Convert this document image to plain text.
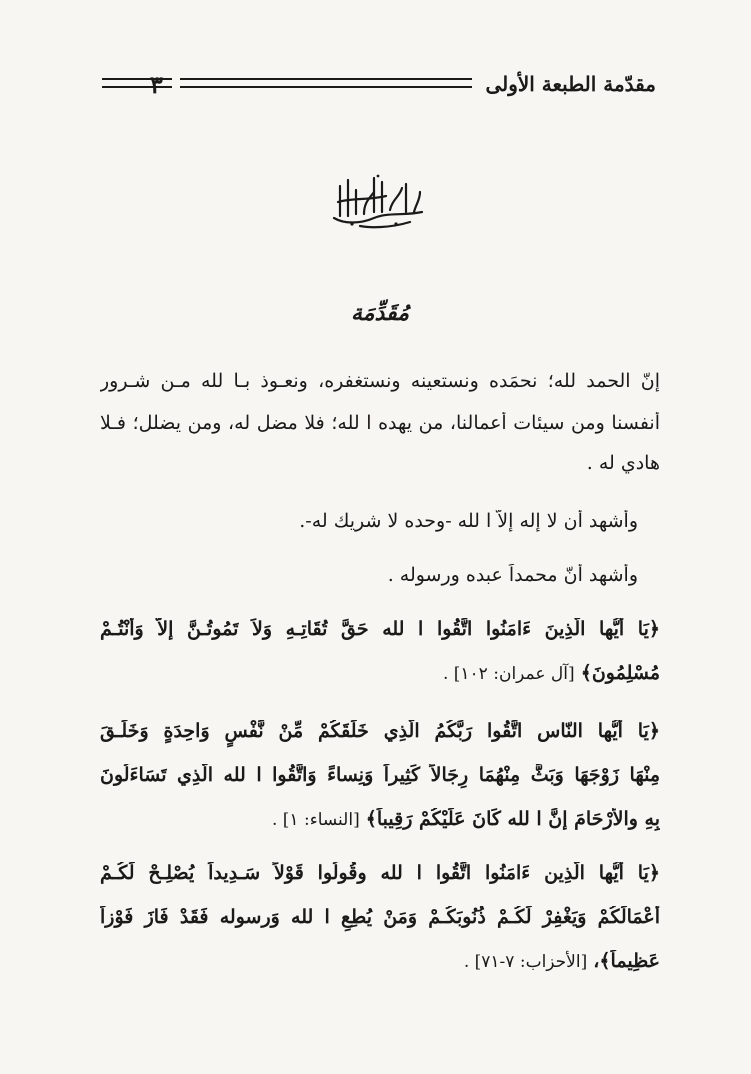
٣	مقدّمة الطبعة الأولى
مُقَدِّمَة
إنّ الحمد لله؛ نحمَده ونستعينه ونستغفره، ونعـوذ بـا لله مـن شـرور
أنفسنا ومن سيئات أعمالنا، من يهده ا لله؛ فلا مضل له، ومن يضلل؛ فـلا
هادي له .
وأشهد أن لا إله إلاّ ا لله -وحده لا شريك له-.
وأشهد أنّ محمداً عبده ورسوله .
﴿يَا أَيُّها الَّذِينَ ءَامَنُوا اتَّقُوا ا لله حَقَّ تُقَاتِـهِ وَلاَ تَمُوتُـنَّ إلاّ وَأَنْتُـمْ
مُسْلِمُونَ﴾ [آل عمران: ١٠٢] .
﴿يَا أَيُّها النّاس اتَّقُوا رَبَّكُمُ الَّذِي خَلَقَكُمْ مِّنْ نَّفْسٍ وَاحِدَةٍ وَخَلَـقَ
مِنْهَا زَوْجَهَا وَبَثَّ مِنْهُمَا رِجَالاً كَثِيراً وَنِساءً وَاتَّقُوا ا لله الَّذِي تَسَاءَلُونَ
بِهِ والأَرْحَامَ إنَّ ا لله كَانَ عَلَيْكُمْ رَقِيباً﴾ [النساء: ١] .
﴿يَا أَيُّها الَّذِين ءَامَنُوا اتَّقُوا ا لله وقُولُوا قَوْلاً سَـدِيداً يُصْلِـحْ لَكُـمْ
أَعْمَالَكُمْ وَيَغْفِرْ لَكُـمْ ذُنُوبَكُـمْ وَمَنْ يُطِعِ ا لله وَرسوله فَقَدْ فَازَ فَوْزاً
عَظِيماً﴾، [الأحزاب: ٧-٧١] .
